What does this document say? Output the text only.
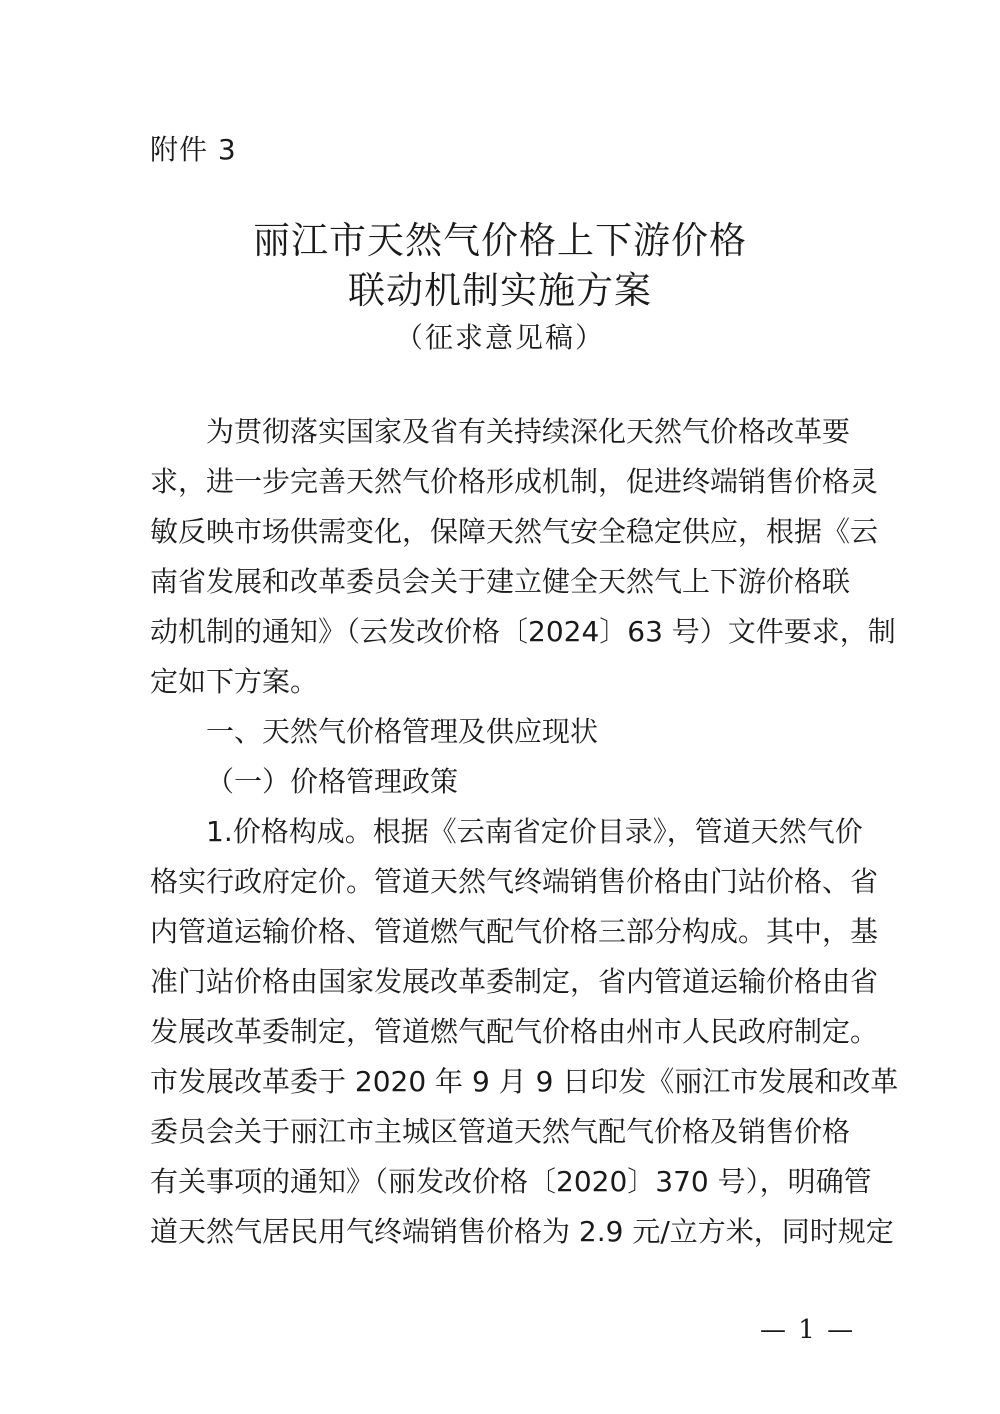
附件 3
丽江市天然气价格上下游价格
联动机制实施方案
（征求意见稿）
为贯彻落实国家及省有关持续深化天然气价格改革要
求，进一步完善天然气价格形成机制，促进终端销售价格灵
敏反映市场供需变化，保障天然气安全稳定供应，根据《云
南省发展和改革委员会关于建立健全天然气上下游价格联
动机制的通知》（云发改价格〔2024〕63 号）文件要求，制
定如下方案。
一、天然气价格管理及供应现状
（一）价格管理政策
1.价格构成。根据《云南省定价目录》，管道天然气价
格实行政府定价。管道天然气终端销售价格由门站价格、省
内管道运输价格、管道燃气配气价格三部分构成。其中，基
准门站价格由国家发展改革委制定，省内管道运输价格由省
发展改革委制定，管道燃气配气价格由州市人民政府制定。
市发展改革委于 2020 年 9 月 9 日印发《丽江市发展和改革
委员会关于丽江市主城区管道天然气配气价格及销售价格
有关事项的通知》（丽发改价格〔2020〕370 号），明确管
道天然气居民用气终端销售价格为 2.9 元/立方米，同时规定
— 1 —
